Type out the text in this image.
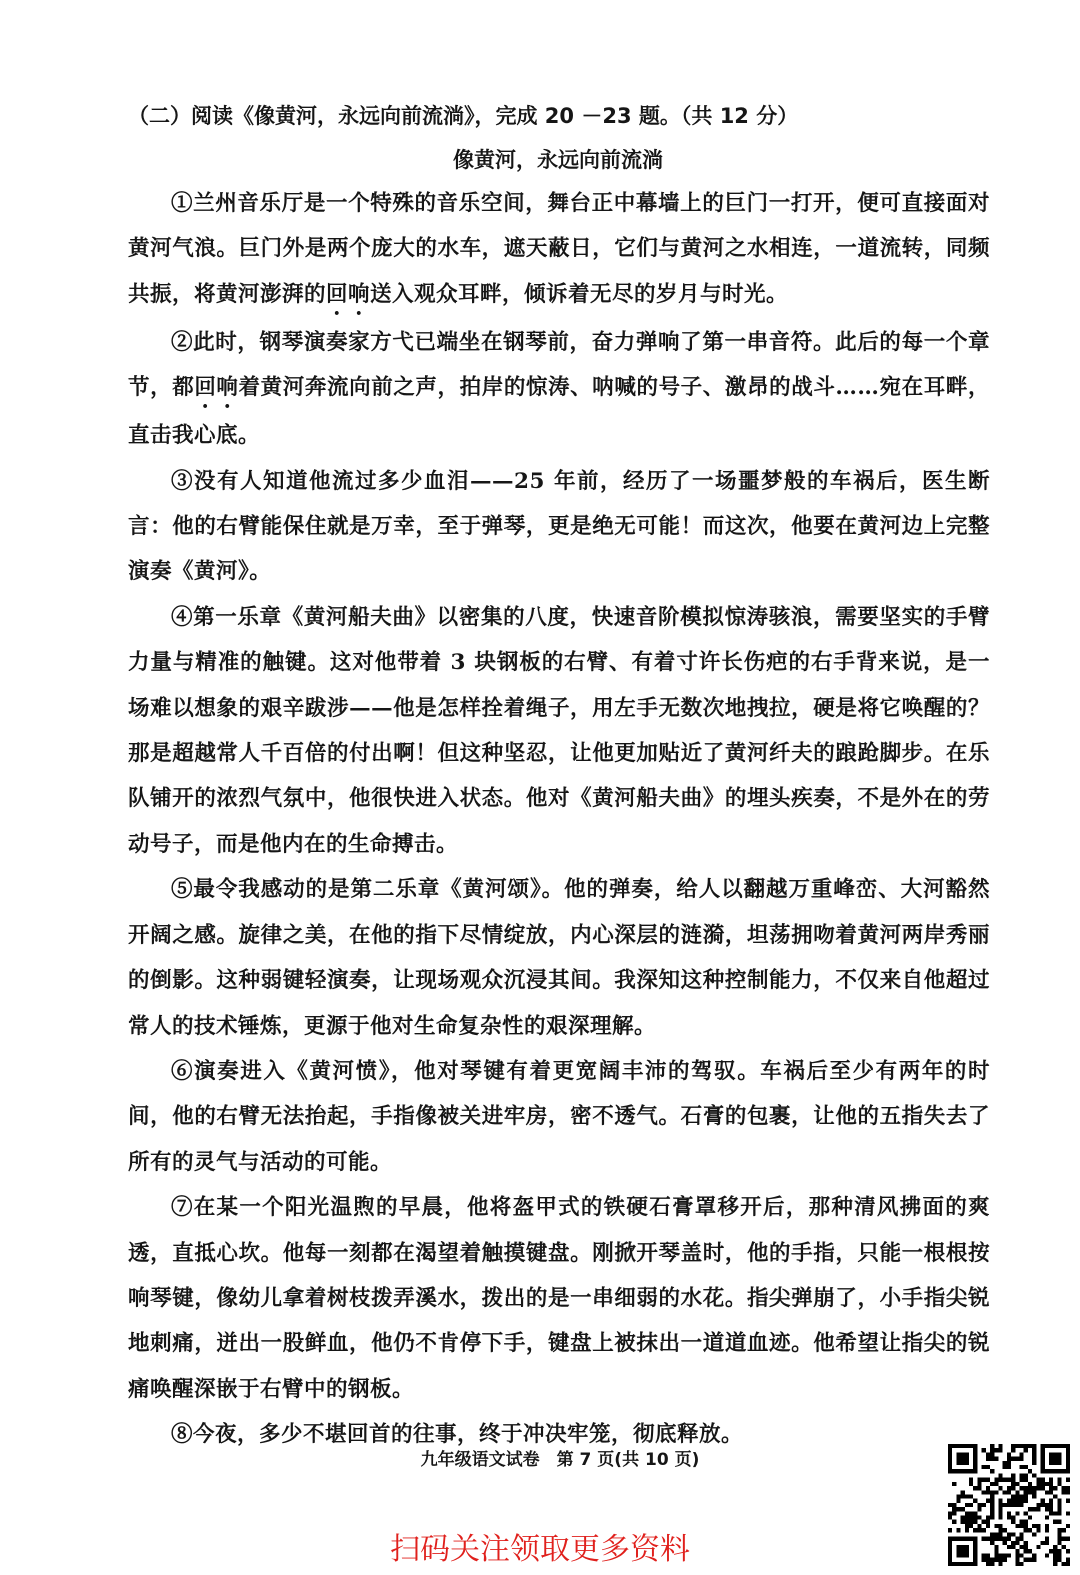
（二）阅读《像黄河，永远向前流淌》，完成 20 －23 题。（共 12 分）
像黄河，永远向前流淌

①兰州音乐厅是一个特殊的音乐空间，舞台正中幕墙上的巨门一打开，便可直接面对黄河气浪。巨门外是两个庞大的水车，遮天蔽日，它们与黄河之水相连，一道流转，同频共振，将黄河澎湃的回响送入观众耳畔，倾诉着无尽的岁月与时光。

②此时，钢琴演奏家方弋已端坐在钢琴前，奋力弹响了第一串音符。此后的每一个章节，都回响着黄河奔流向前之声，拍岸的惊涛、呐喊的号子、激昂的战斗……宛在耳畔，直击我心底。

③没有人知道他流过多少血泪——25 年前，经历了一场噩梦般的车祸后，医生断言：他的右臂能保住就是万幸，至于弹琴，更是绝无可能！而这次，他要在黄河边上完整演奏《黄河》。

④第一乐章《黄河船夫曲》以密集的八度，快速音阶模拟惊涛骇浪，需要坚实的手臂力量与精准的触键。这对他带着 3 块钢板的右臂、有着寸许长伤疤的右手背来说，是一场难以想象的艰辛跋涉——他是怎样拴着绳子，用左手无数次地拽拉，硬是将它唤醒的？那是超越常人千百倍的付出啊！但这种坚忍，让他更加贴近了黄河纤夫的踉跄脚步。在乐队铺开的浓烈气氛中，他很快进入状态。他对《黄河船夫曲》的埋头疾奏，不是外在的劳动号子，而是他内在的生命搏击。

⑤最令我感动的是第二乐章《黄河颂》。他的弹奏，给人以翻越万重峰峦、大河豁然开阔之感。旋律之美，在他的指下尽情绽放，内心深层的涟漪，坦荡拥吻着黄河两岸秀丽的倒影。这种弱键轻演奏，让现场观众沉浸其间。我深知这种控制能力，不仅来自他超过常人的技术锤炼，更源于他对生命复杂性的艰深理解。

⑥演奏进入《黄河愤》，他对琴键有着更宽阔丰沛的驾驭。车祸后至少有两年的时间，他的右臂无法抬起，手指像被关进牢房，密不透气。石膏的包裹，让他的五指失去了所有的灵气与活动的可能。

⑦在某一个阳光温煦的早晨，他将盔甲式的铁硬石膏罩移开后，那种清风拂面的爽透，直抵心坎。他每一刻都在渴望着触摸键盘。刚掀开琴盖时，他的手指，只能一根根按响琴键，像幼儿拿着树枝拨弄溪水，拨出的是一串细弱的水花。指尖弹崩了，小手指尖锐地刺痛，迸出一股鲜血，他仍不肯停下手，键盘上被抹出一道道血迹。他希望让指尖的锐痛唤醒深嵌于右臂中的钢板。

⑧今夜，多少不堪回首的往事，终于冲决牢笼，彻底释放。

九年级语文试卷　第 7 页(共 10 页)
扫码关注领取更多资料
